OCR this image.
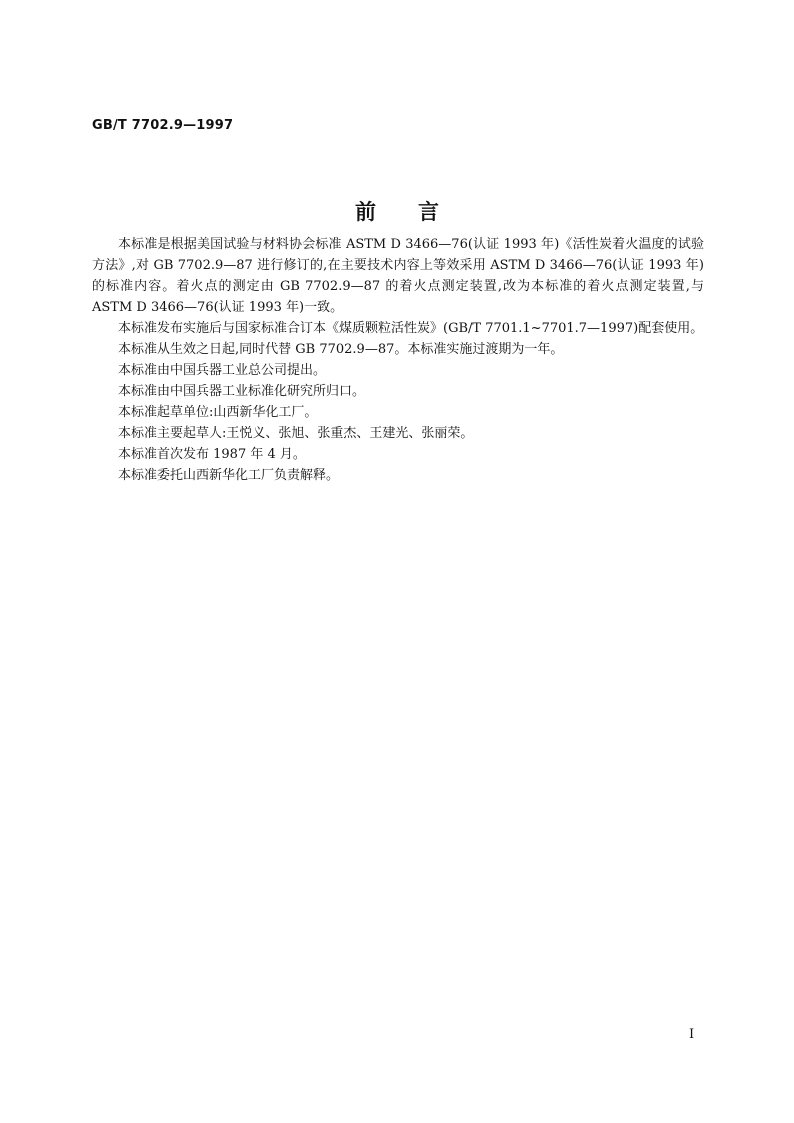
GB/T 7702.9—1997
前言

本标准是根据美国试验与材料协会标准 ASTM D 3466—76(认证 1993 年)《活性炭着火温度的试验方法》,对 GB 7702.9—87 进行修订的,在主要技术内容上等效采用 ASTM D 3466—76(认证 1993 年)的标准内容。着火点的测定由 GB 7702.9—87 的着火点测定装置,改为本标准的着火点测定装置,与 ASTM D 3466—76(认证 1993 年)一致。

本标准发布实施后与国家标准合订本《煤质颗粒活性炭》(GB/T 7701.1~7701.7—1997)配套使用。

本标准从生效之日起,同时代替 GB 7702.9—87。本标准实施过渡期为一年。

本标准由中国兵器工业总公司提出。

本标准由中国兵器工业标准化研究所归口。

本标准起草单位:山西新华化工厂。

本标准主要起草人:王悦义、张旭、张重杰、王建光、张丽荣。

本标准首次发布 1987 年 4 月。

本标准委托山西新华化工厂负责解释。

I
